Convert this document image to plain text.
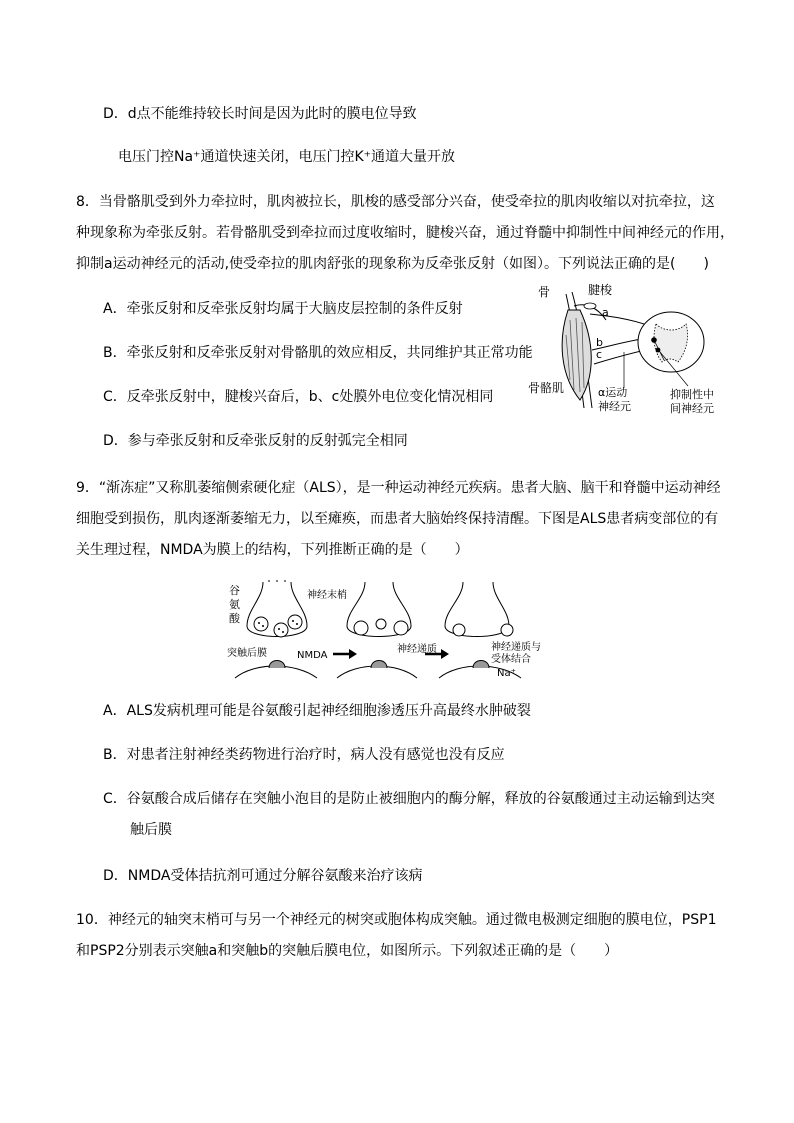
D．d点不能维持较长时间是因为此时的膜电位导致
电压门控Na⁺通道快速关闭，电压门控K⁺通道大量开放
8．当骨骼肌受到外力牵拉时，肌肉被拉长，肌梭的感受部分兴奋，使受牵拉的肌肉收缩以对抗牵拉，这
种现象称为牵张反射。若骨骼肌受到牵拉而过度收缩时，腱梭兴奋，通过脊髓中抑制性中间神经元的作用，
抑制a运动神经元的活动,使受牵拉的肌肉舒张的现象称为反牵张反射（如图）。下列说法正确的是(　　)
A．牵张反射和反牵张反射均属于大脑皮层控制的条件反射
B．牵张反射和反牵张反射对骨骼肌的效应相反，共同维护其正常功能
C．反牵张反射中，腱梭兴奋后，b、c处膜外电位变化情况相同
D．参与牵张反射和反牵张反射的反射弧完全相同
骨	腱梭
a
b
c
骨骼肌	α运动
神经元
抑制性中
间神经元
9．“渐冻症”又称肌萎缩侧索硬化症（ALS），是一种运动神经元疾病。患者大脑、脑干和脊髓中运动神经
细胞受到损伤，肌肉逐渐萎缩无力，以至瘫痪，而患者大脑始终保持清醒。下图是ALS患者病变部位的有
关生理过程，NMDA为膜上的结构，下列推断正确的是（　　）
谷
氨
酸
神经末梢
突触后膜	NMDA
神经递质	神经递质与
受体结合
Na⁺
A．ALS发病机理可能是谷氨酸引起神经细胞渗透压升高最终水肿破裂
B．对患者注射神经类药物进行治疗时，病人没有感觉也没有反应
C．谷氨酸合成后储存在突触小泡目的是防止被细胞内的酶分解，释放的谷氨酸通过主动运输到达突
触后膜
D．NMDA受体拮抗剂可通过分解谷氨酸来治疗该病
10．神经元的轴突末梢可与另一个神经元的树突或胞体构成突触。通过微电极测定细胞的膜电位，PSP1
和PSP2分别表示突触a和突触b的突触后膜电位，如图所示。下列叙述正确的是（　　）
